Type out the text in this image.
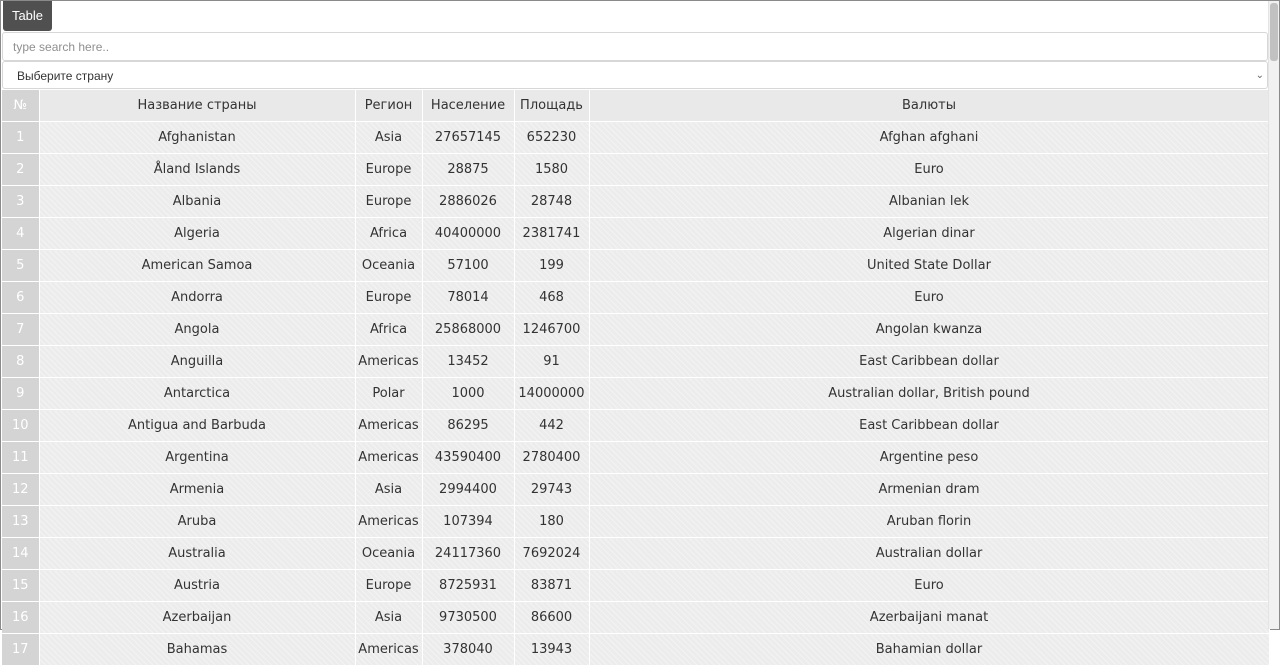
Table
type search here..
Выберите страну	⌄
№	Название страны	Регион	Население	Площадь	Валюты
1	Afghanistan	Asia	27657145	652230	Afghan afghani
2	Åland Islands	Europe	28875	1580	Euro
3	Albania	Europe	2886026	28748	Albanian lek
4	Algeria	Africa	40400000	2381741	Algerian dinar
5	American Samoa	Oceania	57100	199	United State Dollar
6	Andorra	Europe	78014	468	Euro
7	Angola	Africa	25868000	1246700	Angolan kwanza
8	Anguilla	Americas	13452	91	East Caribbean dollar
9	Antarctica	Polar	1000	14000000	Australian dollar, British pound
10	Antigua and Barbuda	Americas	86295	442	East Caribbean dollar
11	Argentina	Americas	43590400	2780400	Argentine peso
12	Armenia	Asia	2994400	29743	Armenian dram
13	Aruba	Americas	107394	180	Aruban florin
14	Australia	Oceania	24117360	7692024	Australian dollar
15	Austria	Europe	8725931	83871	Euro
16	Azerbaijan	Asia	9730500	86600	Azerbaijani manat
17	Bahamas	Americas	378040	13943	Bahamian dollar
